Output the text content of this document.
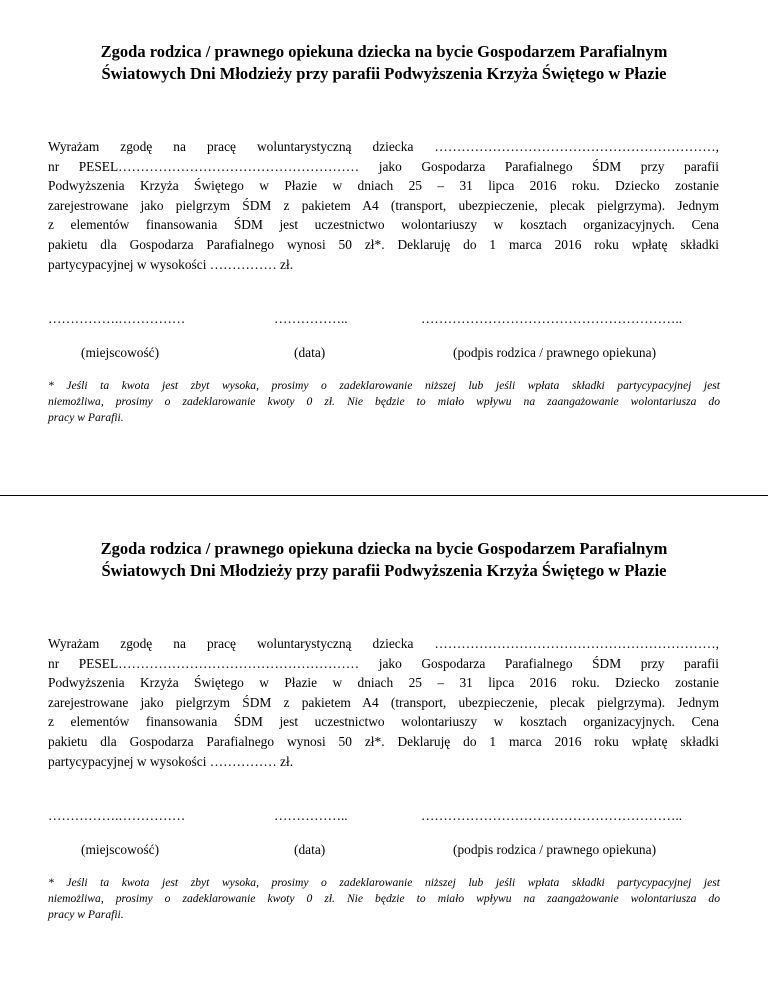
Zgoda rodzica / prawnego opiekuna dziecka na bycie Gospodarzem Parafialnym
Światowych Dni Młodzieży przy parafii Podwyższenia Krzyża Świętego w Płazie

Wyrażam zgodę na pracę woluntarystyczną dziecka ………………………………………………………,
nr PESEL……………………………………………… jako Gospodarza Parafialnego ŚDM przy parafii
Podwyższenia Krzyża Świętego w Płazie w dniach 25 – 31 lipca 2016 roku. Dziecko zostanie
zarejestrowane jako pielgrzym ŚDM z pakietem A4 (transport, ubezpieczenie, plecak pielgrzyma). Jednym
z elementów finansowania ŚDM jest uczestnictwo wolontariuszy w kosztach organizacyjnych. Cena
pakietu dla Gospodarza Parafialnego wynosi 50 zł*. Deklaruję do 1 marca 2016 roku wpłatę składki
partycypacyjnej w wysokości …………… zł.

…………….……………	……………..	…………………………………………………..
(miejscowość)	(data)	(podpis rodzica / prawnego opiekuna)

* Jeśli ta kwota jest zbyt wysoka, prosimy o zadeklarowanie niższej lub jeśli wpłata składki partycypacyjnej jest
niemożliwa, prosimy o zadeklarowanie kwoty 0 zł. Nie będzie to miało wpływu na zaangażowanie wolontariusza do
pracy w Parafii.

Zgoda rodzica / prawnego opiekuna dziecka na bycie Gospodarzem Parafialnym
Światowych Dni Młodzieży przy parafii Podwyższenia Krzyża Świętego w Płazie

Wyrażam zgodę na pracę woluntarystyczną dziecka ………………………………………………………,
nr PESEL……………………………………………… jako Gospodarza Parafialnego ŚDM przy parafii
Podwyższenia Krzyża Świętego w Płazie w dniach 25 – 31 lipca 2016 roku. Dziecko zostanie
zarejestrowane jako pielgrzym ŚDM z pakietem A4 (transport, ubezpieczenie, plecak pielgrzyma). Jednym
z elementów finansowania ŚDM jest uczestnictwo wolontariuszy w kosztach organizacyjnych. Cena
pakietu dla Gospodarza Parafialnego wynosi 50 zł*. Deklaruję do 1 marca 2016 roku wpłatę składki
partycypacyjnej w wysokości …………… zł.

…………….……………	……………..	…………………………………………………..
(miejscowość)	(data)	(podpis rodzica / prawnego opiekuna)

* Jeśli ta kwota jest zbyt wysoka, prosimy o zadeklarowanie niższej lub jeśli wpłata składki partycypacyjnej jest
niemożliwa, prosimy o zadeklarowanie kwoty 0 zł. Nie będzie to miało wpływu na zaangażowanie wolontariusza do
pracy w Parafii.
